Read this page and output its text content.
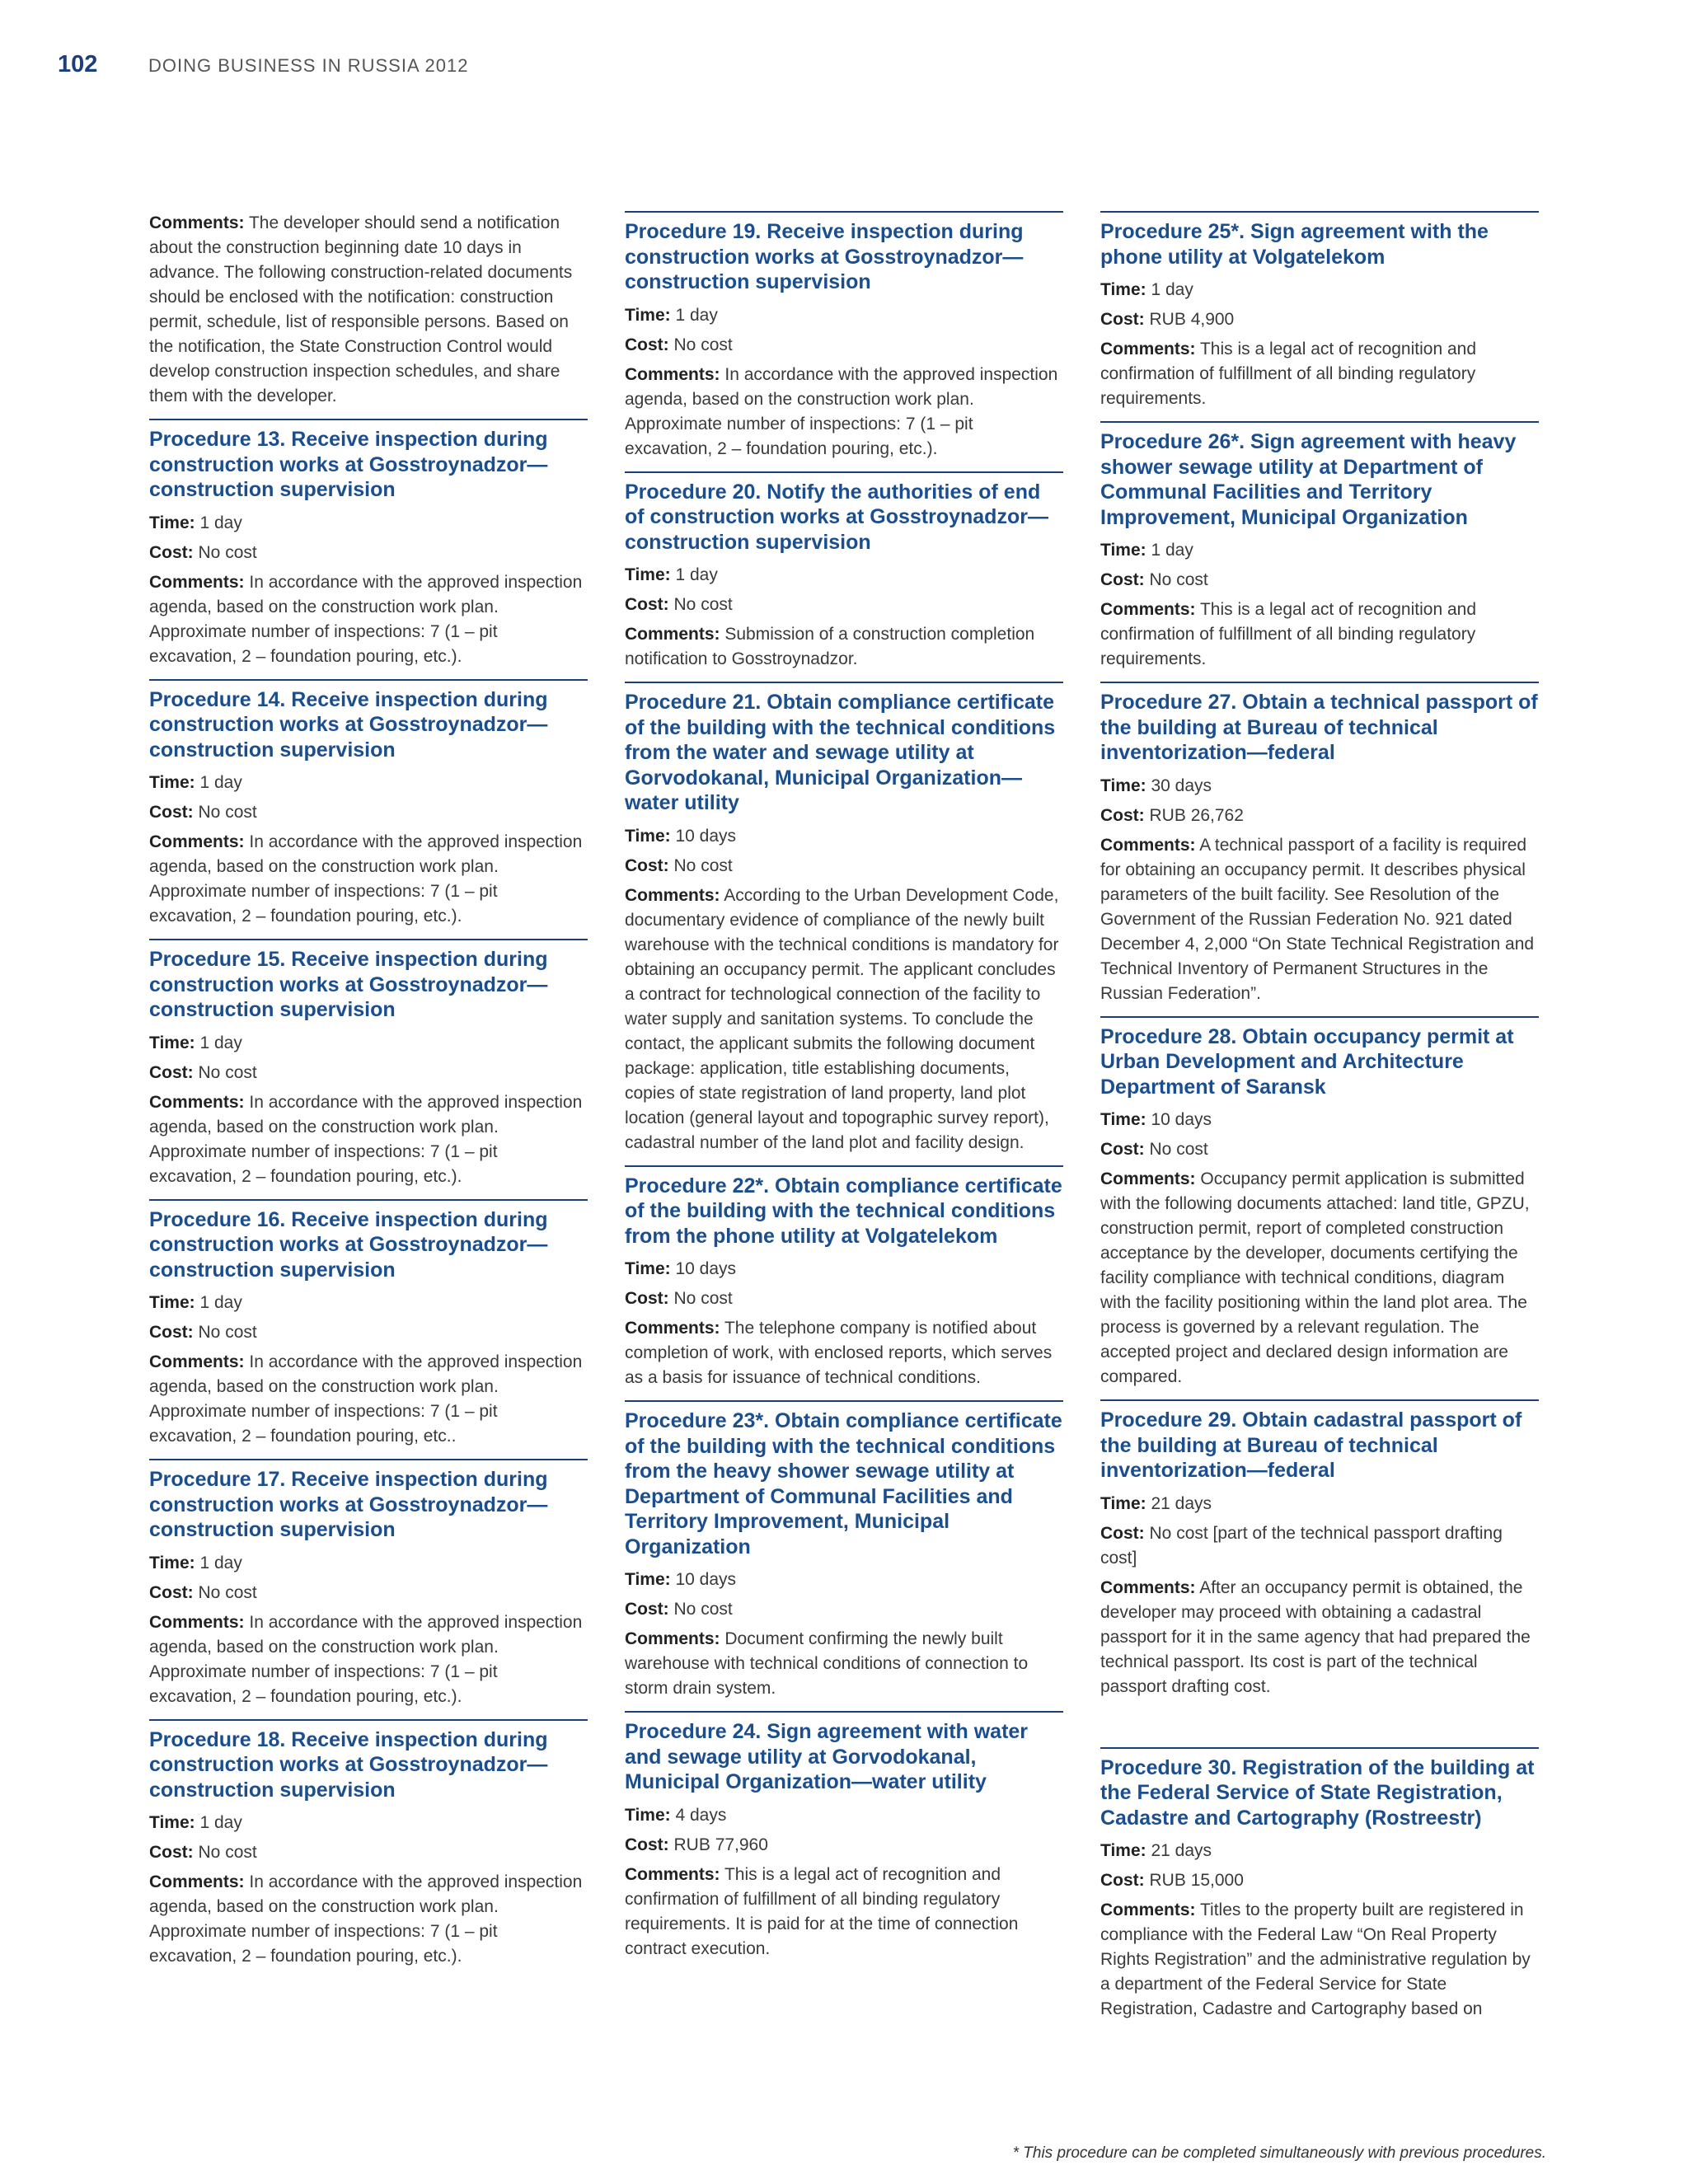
102	DOING BUSINESS IN RUSSIA 2012

Comments: The developer should send a notification about the construction beginning date 10 days in advance. The following construction-related documents should be enclosed with the notification: construction permit, schedule, list of responsible persons. Based on the notification, the State Construction Control would develop construction inspection schedules, and share them with the developer.

Procedure 13. Receive inspection during construction works at Gosstroynadzor—construction supervision

Time: 1 day

Cost: No cost

Comments: In accordance with the approved inspection agenda, based on the construction work plan. Approximate number of inspections: 7 (1 – pit excavation, 2 – foundation pouring, etc.).

Procedure 14. Receive inspection during construction works at Gosstroynadzor—construction supervision

Time: 1 day

Cost: No cost

Comments: In accordance with the approved inspection agenda, based on the construction work plan. Approximate number of inspections: 7 (1 – pit excavation, 2 – foundation pouring, etc.).

Procedure 15. Receive inspection during construction works at Gosstroynadzor—construction supervision

Time: 1 day

Cost: No cost

Comments: In accordance with the approved inspection agenda, based on the construction work plan. Approximate number of inspections: 7 (1 – pit excavation, 2 – foundation pouring, etc.).

Procedure 16. Receive inspection during construction works at Gosstroynadzor—construction supervision

Time: 1 day

Cost: No cost

Comments: In accordance with the approved inspection agenda, based on the construction work plan. Approximate number of inspections: 7 (1 – pit excavation, 2 – foundation pouring, etc..

Procedure 17. Receive inspection during construction works at Gosstroynadzor—construction supervision

Time: 1 day

Cost: No cost

Comments: In accordance with the approved inspection agenda, based on the construction work plan. Approximate number of inspections: 7 (1 – pit excavation, 2 – foundation pouring, etc.).

Procedure 18. Receive inspection during construction works at Gosstroynadzor—construction supervision

Time: 1 day

Cost: No cost

Comments: In accordance with the approved inspection agenda, based on the construction work plan. Approximate number of inspections: 7 (1 – pit excavation, 2 – foundation pouring, etc.).

Procedure 19. Receive inspection during construction works at Gosstroynadzor—construction supervision

Time: 1 day

Cost: No cost

Comments: In accordance with the approved inspection agenda, based on the construction work plan. Approximate number of inspections: 7 (1 – pit excavation, 2 – foundation pouring, etc.).

Procedure 20. Notify the authorities of end of construction works at Gosstroynadzor—construction supervision

Time: 1 day

Cost: No cost

Comments: Submission of a construction completion notification to Gosstroynadzor.

Procedure 21. Obtain compliance certificate of the building with the technical conditions from the water and sewage utility at Gorvodokanal, Municipal Organization—water utility

Time: 10 days

Cost: No cost

Comments: According to the Urban Development Code, documentary evidence of compliance of the newly built warehouse with the technical conditions is mandatory for obtaining an occupancy permit. The applicant concludes a contract for technological connection of the facility to water supply and sanitation systems. To conclude the contact, the applicant submits the following document package: application, title establishing documents, copies of state registration of land property, land plot location (general layout and topographic survey report), cadastral number of the land plot and facility design.

Procedure 22*. Obtain compliance certificate of the building with the technical conditions from the phone utility at Volgatelekom

Time: 10 days

Cost: No cost

Comments: The telephone company is notified about completion of work, with enclosed reports, which serves as a basis for issuance of technical conditions.

Procedure 23*. Obtain compliance certificate of the building with the technical conditions from the heavy shower sewage utility at Department of Communal Facilities and Territory Improvement, Municipal Organization

Time: 10 days

Cost: No cost

Comments: Document confirming the newly built warehouse with technical conditions of connection to storm drain system.

Procedure 24. Sign agreement with water and sewage utility at Gorvodokanal, Municipal Organization—water utility

Time: 4 days

Cost: RUB 77,960

Comments: This is a legal act of recognition and confirmation of fulfillment of all binding regulatory requirements. It is paid for at the time of connection contract execution.

Procedure 25*. Sign agreement with the phone utility at Volgatelekom

Time: 1 day

Cost: RUB 4,900

Comments: This is a legal act of recognition and confirmation of fulfillment of all binding regulatory requirements.

Procedure 26*. Sign agreement with heavy shower sewage utility at Department of Communal Facilities and Territory Improvement, Municipal Organization

Time: 1 day

Cost: No cost

Comments: This is a legal act of recognition and confirmation of fulfillment of all binding regulatory requirements.

Procedure 27. Obtain a technical passport of the building at Bureau of technical inventorization—federal

Time: 30 days

Cost: RUB 26,762

Comments: A technical passport of a facility is required for obtaining an occupancy permit. It describes physical parameters of the built facility. See Resolution of the Government of the Russian Federation No. 921 dated December 4, 2,000 “On State Technical Registration and Technical Inventory of Permanent Structures in the Russian Federation”.

Procedure 28. Obtain occupancy permit at Urban Development and Architecture Department of Saransk

Time: 10 days

Cost: No cost

Comments: Occupancy permit application is submitted with the following documents attached: land title, GPZU, construction permit, report of completed construction acceptance by the developer, documents certifying the facility compliance with technical conditions, diagram with the facility positioning within the land plot area. The process is governed by a relevant regulation. The accepted project and declared design information are compared.

Procedure 29. Obtain cadastral passport of the building at Bureau of technical inventorization—federal

Time: 21 days

Cost: No cost [part of the technical passport drafting cost]

Comments: After an occupancy permit is obtained, the developer may proceed with obtaining a cadastral passport for it in the same agency that had prepared the technical passport. Its cost is part of the technical passport drafting cost.

Procedure 30. Registration of the building at the Federal Service of State Registration, Cadastre and Cartography (Rostreestr)

Time: 21 days

Cost: RUB 15,000

Comments: Titles to the property built are registered in compliance with the Federal Law “On Real Property Rights Registration” and the administrative regulation by a department of the Federal Service for State Registration, Cadastre and Cartography based on

* This procedure can be completed simultaneously with previous procedures.
